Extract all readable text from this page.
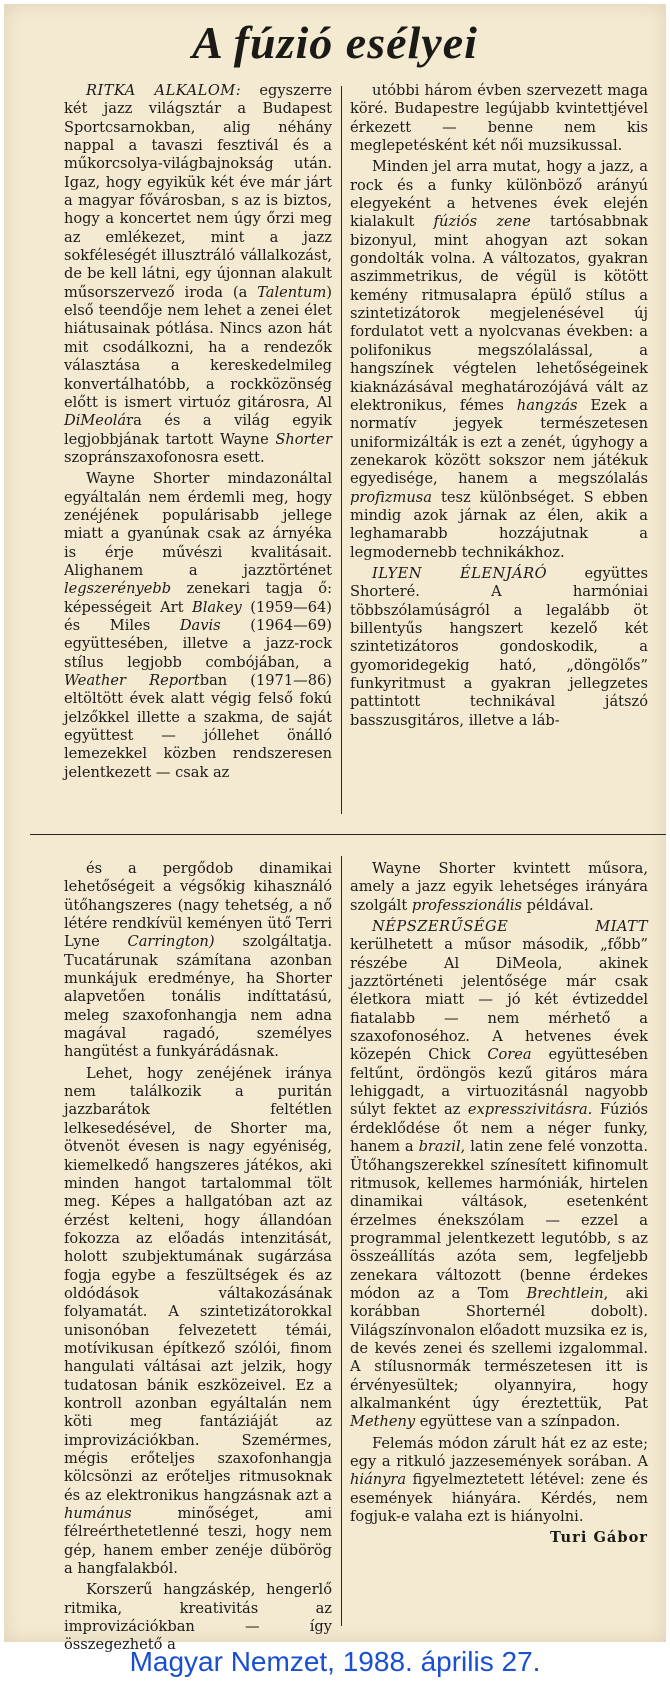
A fúzió esélyei

RITKA ALKALOM: egyszerre két jazz világsztár a Budapest Sportcsarnokban, alig néhány nappal a tavaszi fesztivál és a műkorcsolya-világbajnokság után. Igaz, hogy egyikük két éve már járt a magyar fővárosban, s az is biztos, hogy a koncertet nem úgy őrzi meg az emlékezet, mint a jazz sokféleségét illusztráló vállalkozást, de be kell látni, egy újonnan alakult műsorszervező iroda (a Talentum) első teendője nem lehet a zenei élet hiátusainak pótlása. Nincs azon hát mit csodálkozni, ha a rendezők választása a kereskedelmileg konvertálhatóbb, a rockközönség előtt is ismert virtuóz gitárosra, Al DiMeolára és a világ egyik legjobbjának tartott Wayne Shorter szopránszaxofonosra esett.

Wayne Shorter mindazonáltal egyáltalán nem érdemli meg, hogy zenéjének populárisabb jellege miatt a gyanúnak csak az árnyéka is érje művészi kvalitásait. Alighanem a jazztörténet legszerényebb zenekari tagja ő: képességeit Art Blakey (1959—64) és Miles Davis (1964—69) együttesében, illetve a jazz-rock stílus legjobb combójában, a Weather Reportban (1971—86) eltöltött évek alatt végig felső fokú jelzőkkel illette a szakma, de saját együttest — jóllehet önálló lemezekkel közben rendszeresen jelentkezett — csak az

utóbbi három évben szervezett maga köré. Budapestre legújabb kvintettjével érkezett — benne nem kis meglepetésként két női muzsikussal.

Minden jel arra mutat, hogy a jazz, a rock és a funky különböző arányú elegyeként a hetvenes évek elején kialakult fúziós zene tartósabbnak bizonyul, mint ahogyan azt sokan gondolták volna. A változatos, gyakran aszimmetrikus, de végül is kötött kemény ritmusalapra épülő stílus a szintetizátorok megjelenésével új fordulatot vett a nyolcvanas években: a polifonikus megszólalással, a hangszínek végtelen lehetőségeinek kiaknázásával meghatározójává vált az elektronikus, fémes hangzás Ezek a normatív jegyek természetesen uniformizálták is ezt a zenét, úgyhogy a zenekarok között sokszor nem játékuk egyedisége, hanem a megszólalás profizmusa tesz különbséget. S ebben mindig azok járnak az élen, akik a leghamarabb hozzájutnak a legmodernebb technikákhoz.

ILYEN ÉLENJÁRÓ együttes Shorteré. A harmóniai többszólamúságról a legalább öt billentyűs hangszert kezelő két szintetizátoros gondoskodik, a gyomoridegekig ható, „döngölős” funkyritmust a gyakran jellegzetes pattintott technikával játszó basszusgitáros, illetve a láb-

és a pergődob dinamikai lehetőségeit a végsőkig kihasználó ütőhangszeres (nagy tehetség, a nő létére rendkívül keményen ütő Terri Lyne Carrington) szolgáltatja. Tucatárunak számítana azonban munkájuk eredménye, ha Shorter alapvetően tonális indíttatású, meleg szaxofonhangja nem adna magával ragadó, személyes hangütést a funkyárádásnak.

Lehet, hogy zenéjének iránya nem találkozik a puritán jazzbarátok feltétlen lelkesedésével, de Shorter ma, ötvenöt évesen is nagy egyéniség, kiemelkedő hangszeres játékos, aki minden hangot tartalommal tölt meg. Képes a hallgatóban azt az érzést kelteni, hogy állandóan fokozza az előadás intenzitását, holott szubjektumának sugárzása fogja egybe a feszültségek és az oldódások váltakozásának folyamatát. A szintetizátorokkal unisonóban felvezetett témái, motívikusan építkező szólói, finom hangulati váltásai azt jelzik, hogy tudatosan bánik eszközeivel. Ez a kontroll azonban egyáltalán nem köti meg fantáziáját az improvizációkban. Szemérmes, mégis erőteljes szaxofonhangja kölcsönzi az erőteljes ritmusoknak és az elektronikus hangzásnak azt a humánus minőséget, ami félreérthetetlenné teszi, hogy nem gép, hanem ember zenéje dübörög a hangfalakból.

Korszerű hangzáskép, hengerlő ritmika, kreativitás az improvizációkban — így összegezhető a

Wayne Shorter kvintett műsora, amely a jazz egyik lehetséges irányára szolgált professzionális példával.

NÉPSZERŰSÉGE MIATT kerülhetett a műsor második, „főbb” részébe Al DiMeola, akinek jazztörténeti jelentősége már csak életkora miatt — jó két évtizeddel fiatalabb — nem mérhető a szaxofonoséhoz. A hetvenes évek közepén Chick Corea együttesében feltűnt, ördöngös kezű gitáros mára lehiggadt, a virtuozitásnál nagyobb súlyt fektet az expresszivitásra. Fúziós érdeklődése őt nem a néger funky, hanem a brazil, latin zene felé vonzotta. Ütőhangszerekkel színesített kifinomult ritmusok, kellemes harmóniák, hirtelen dinamikai váltások, esetenként érzelmes énekszólam — ezzel a programmal jelentkezett legutóbb, s az összeállítás azóta sem, legfeljebb zenekara változott (benne érdekes módon az a Tom Brechtlein, aki korábban Shorternél dobolt). Világszínvonalon előadott muzsika ez is, de kevés zenei és szellemi izgalommal. A stílusnormák természetesen itt is érvényesültek; olyannyira, hogy alkalmanként úgy éreztettük, Pat Metheny együttese van a színpadon.

Felemás módon zárult hát ez az este; egy a ritkuló jazzesemények sorában. A hiányra figyelmeztetett létével: zene és események hiányára. Kérdés, nem fogjuk-e valaha ezt is hiányolni.

Turi Gábor

Magyar Nemzet, 1988. április 27.
